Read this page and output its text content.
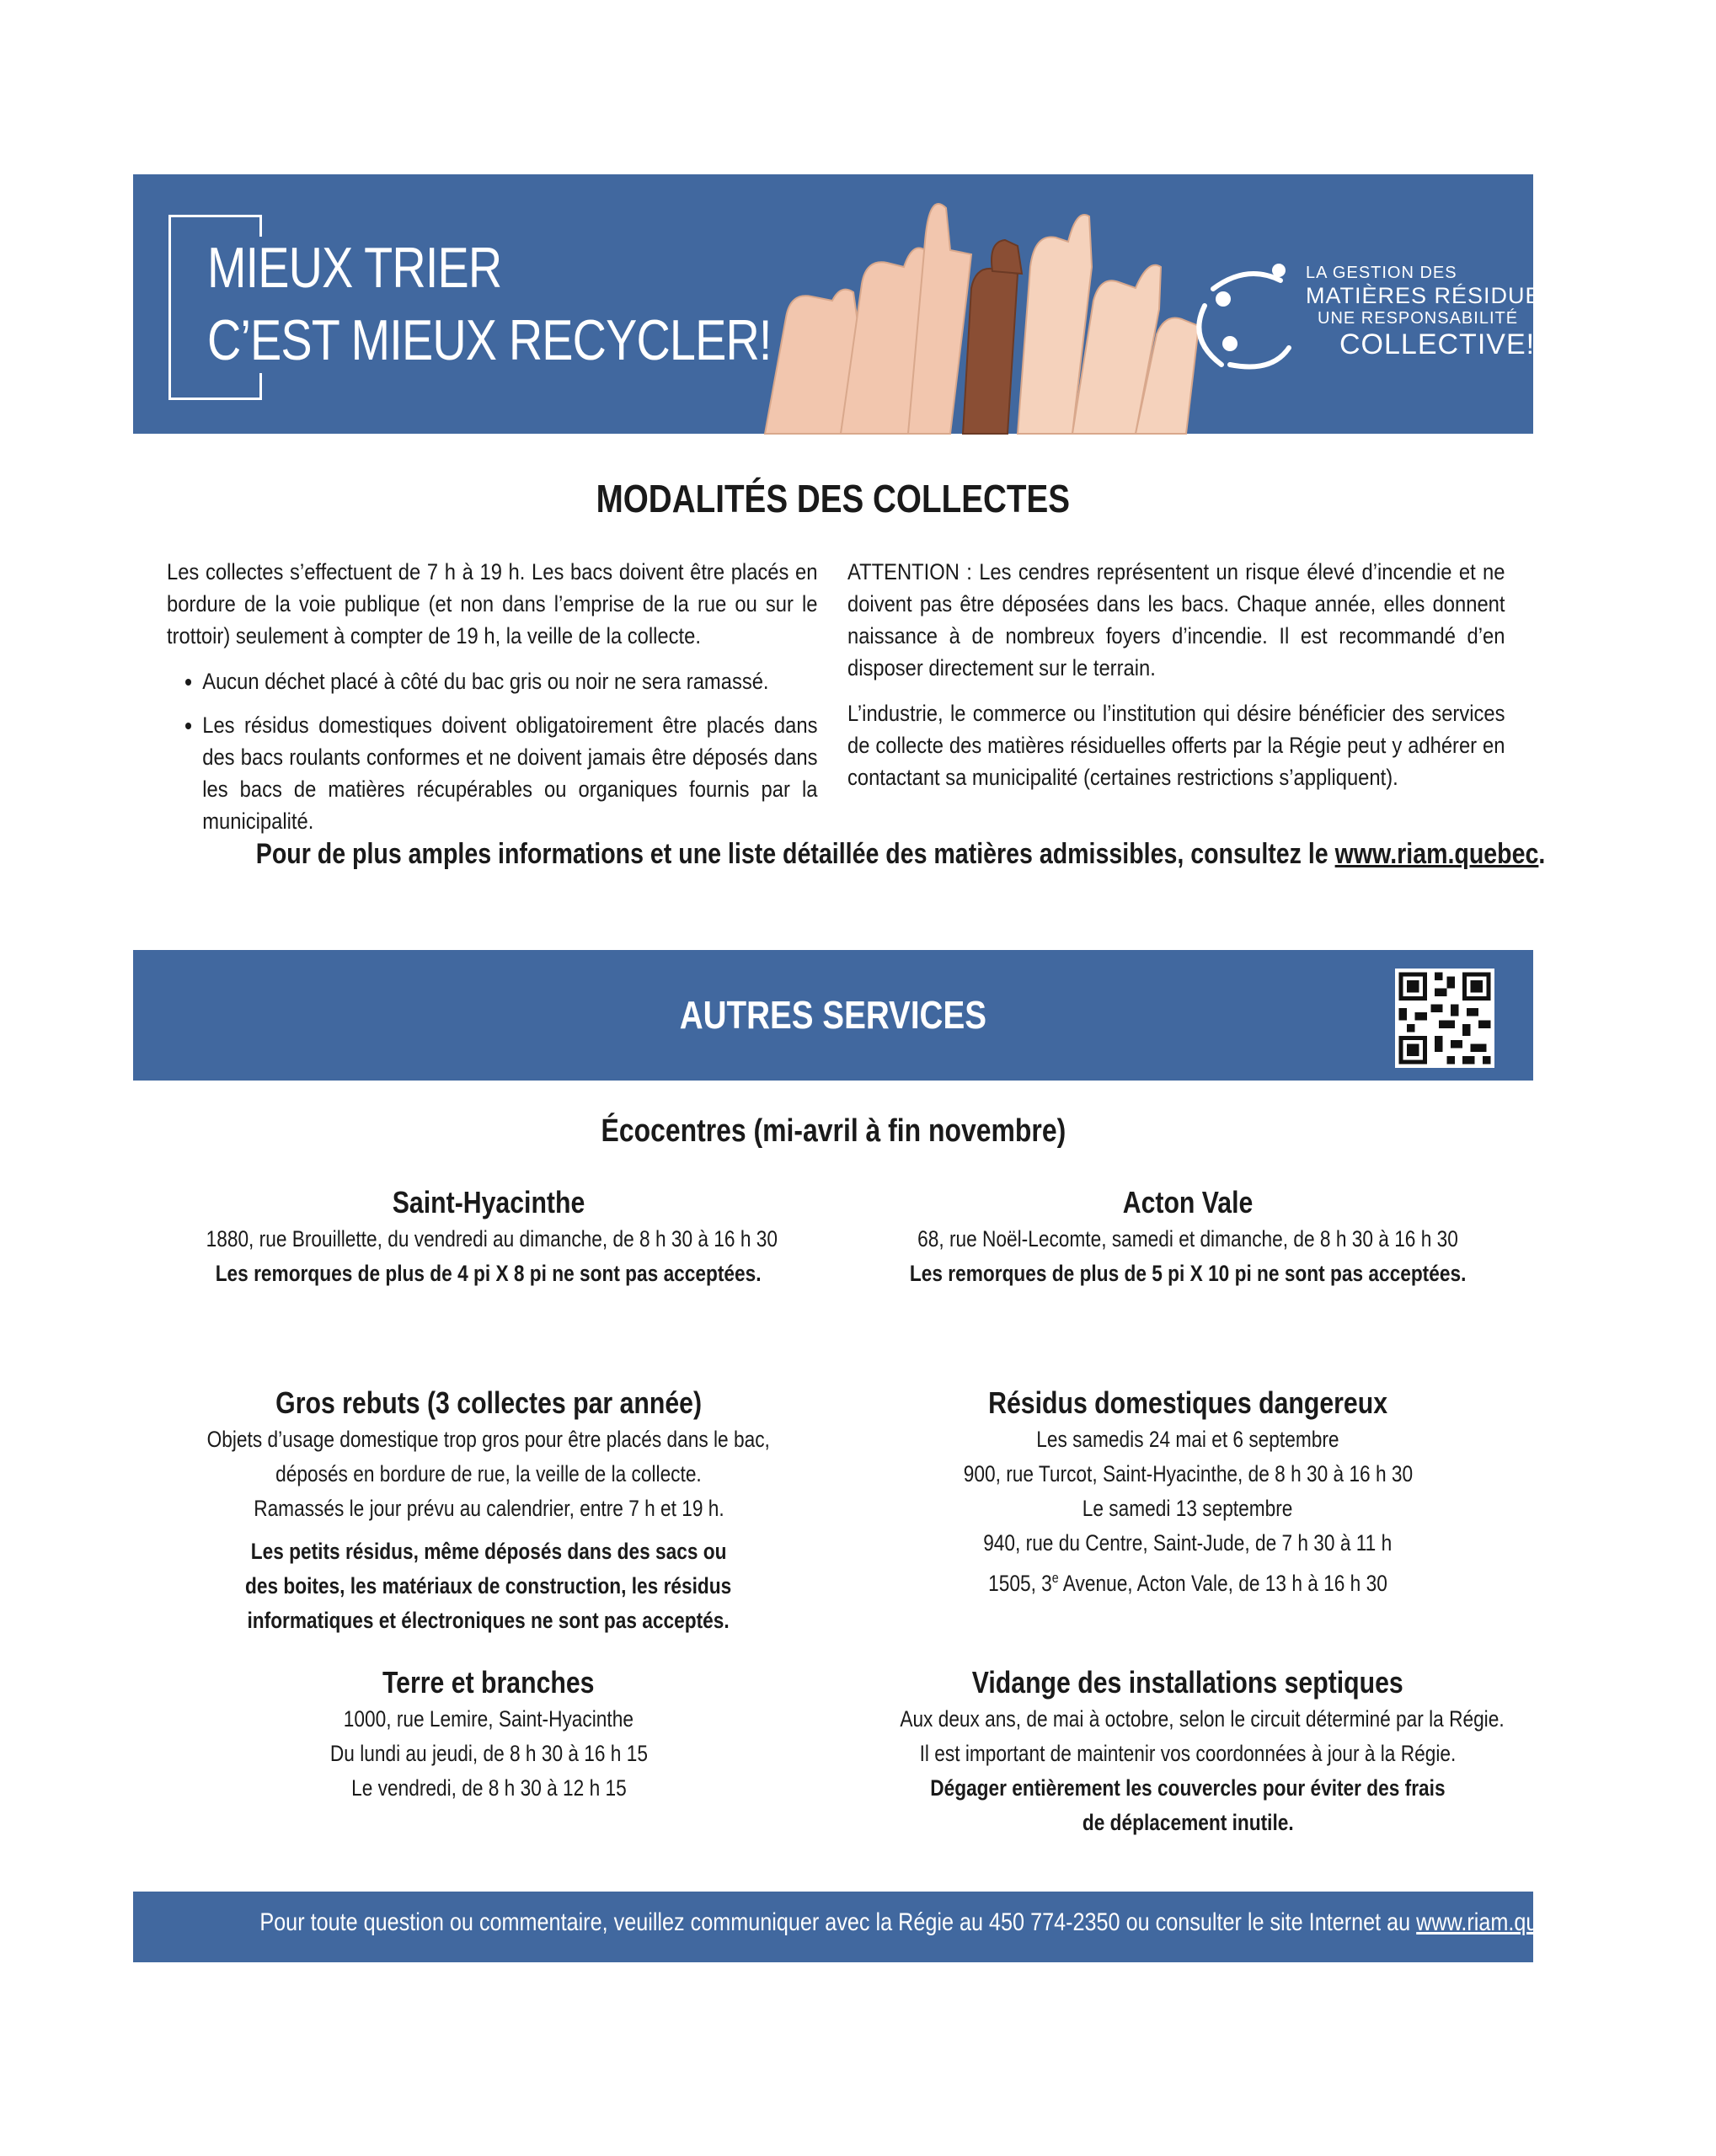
MIEUX TRIER
C’EST MIEUX RECYCLER!
LA GESTION DES
MATIÈRES RÉSIDUELLES,
UNE RESPONSABILITÉ
COLLECTIVE!
MODALITÉS DES COLLECTES

Les collectes s’effectuent de 7 h à 19 h. Les bacs doivent être placés en bordure de la voie publique (et non dans l’emprise de la rue ou sur le trottoir) seulement à compter de 19 h, la veille de la collecte.

• Aucun déchet placé à côté du bac gris ou noir ne sera ramassé.
• Les résidus domestiques doivent obligatoirement être placés dans des bacs roulants conformes et ne doivent jamais être déposés dans les bacs de matières récupérables ou organiques fournis par la municipalité.

ATTENTION : Les cendres représentent un risque élevé d’incendie et ne doivent pas être déposées dans les bacs. Chaque année, elles donnent naissance à de nombreux foyers d’incendie. Il est recommandé d’en disposer directement sur le terrain.

L’industrie, le commerce ou l’institution qui désire bénéficier des services de collecte des matières résiduelles offerts par la Régie peut y adhérer en contactant sa municipalité (certaines restrictions s’appliquent).

Pour de plus amples informations et une liste détaillée des matières admissibles, consultez le www.riam.quebec.
AUTRES SERVICES
Écocentres (mi-avril à fin novembre)
Saint-Hyacinthe
1880, rue Brouillette, du vendredi au dimanche, de 8 h 30 à 16 h 30
Les remorques de plus de 4 pi X 8 pi ne sont pas acceptées.
Acton Vale
68, rue Noël-Lecomte, samedi et dimanche, de 8 h 30 à 16 h 30
Les remorques de plus de 5 pi X 10 pi ne sont pas acceptées.
Gros rebuts (3 collectes par année)
Objets d’usage domestique trop gros pour être placés dans le bac,
déposés en bordure de rue, la veille de la collecte.
Ramassés le jour prévu au calendrier, entre 7 h et 19 h.
Les petits résidus, même déposés dans des sacs ou
des boites, les matériaux de construction, les résidus
informatiques et électroniques ne sont pas acceptés.
Résidus domestiques dangereux
Les samedis 24 mai et 6 septembre
900, rue Turcot, Saint-Hyacinthe, de 8 h 30 à 16 h 30
Le samedi 13 septembre
940, rue du Centre, Saint-Jude, de 7 h 30 à 11 h
1505, 3e Avenue, Acton Vale, de 13 h à 16 h 30
Terre et branches
1000, rue Lemire, Saint-Hyacinthe
Du lundi au jeudi, de 8 h 30 à 16 h 15
Le vendredi, de 8 h 30 à 12 h 15
Vidange des installations septiques
Aux deux ans, de mai à octobre, selon le circuit déterminé par la Régie.
Il est important de maintenir vos coordonnées à jour à la Régie.
Dégager entièrement les couvercles pour éviter des frais
de déplacement inutile.
Pour toute question ou commentaire, veuillez communiquer avec la Régie au 450 774-2350 ou consulter le site Internet au www.riam.quebec.
